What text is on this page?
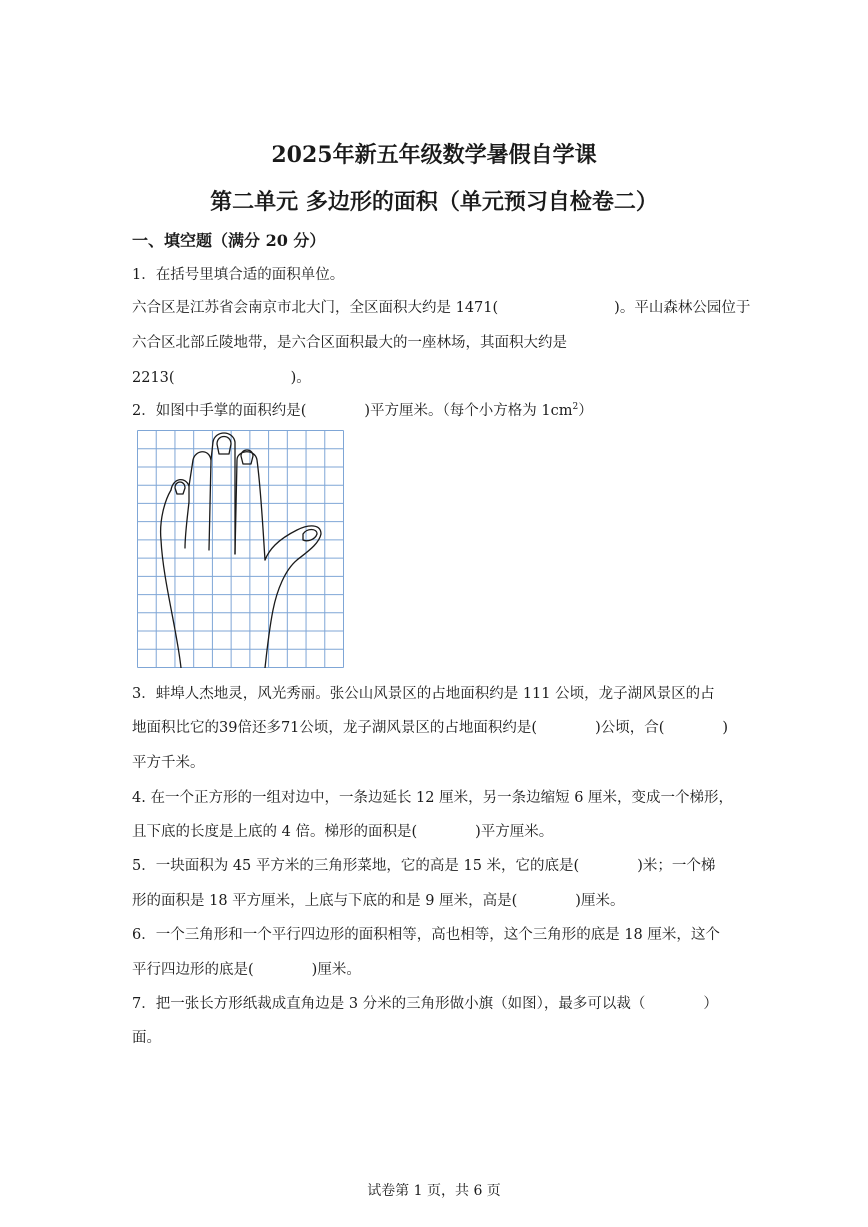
2025年新五年级数学暑假自学课
第二单元 多边形的面积（单元预习自检卷二）
一、填空题（满分 20 分）
1．在括号里填合适的面积单位。
六合区是江苏省会南京市北大门，全区面积大约是 1471(	)。平山森林公园位于
六合区北部丘陵地带，是六合区面积最大的一座林场，其面积大约是
2213(	)。
2．如图中手掌的面积约是(	)平方厘米。（每个小方格为 $1cm^2$）
3．蚌埠人杰地灵，风光秀丽。张公山风景区的占地面积约是 111 公顷，龙子湖风景区的占
地面积比它的39倍还多71公顷，龙子湖风景区的占地面积约是(	)公顷，合(	)
平方千米。
4. 在一个正方形的一组对边中，一条边延长 12 厘米，另一条边缩短 6 厘米，变成一个梯形，
且下底的长度是上底的 4 倍。梯形的面积是(	)平方厘米。
5．一块面积为 45 平方米的三角形菜地，它的高是 15 米，它的底是(	)米；一个梯
形的面积是 18 平方厘米，上底与下底的和是 9 厘米，高是(	)厘米。
6．一个三角形和一个平行四边形的面积相等，高也相等，这个三角形的底是 18 厘米，这个
平行四边形的底是(	)厘米。
7．把一张长方形纸裁成直角边是 3 分米的三角形做小旗（如图），最多可以裁（	）
面。
试卷第 1 页，共 6 页
